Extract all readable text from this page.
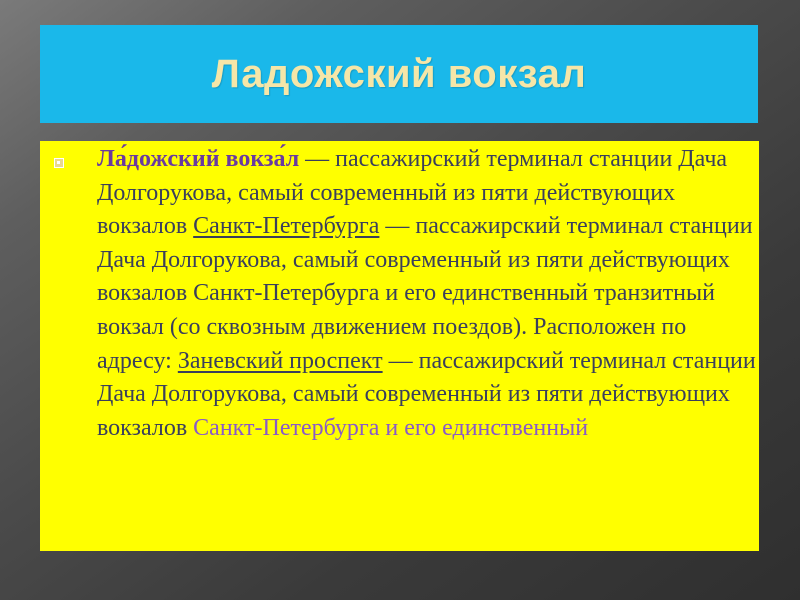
Ладожский вокзал

Ла́дожский вокза́л — пассажирский терминал станции Дача Долгорукова, самый современный из пяти действующих вокзалов Санкт-Петербурга — пассажирский терминал станции Дача Долгорукова, самый современный из пяти действующих вокзалов Санкт-Петербурга и его единственный транзитный вокзал (со сквозным движением поездов). Расположен по адресу: Заневский проспект — пассажирский терминал станции Дача Долгорукова, самый современный из пяти действующих вокзалов Санкт-Петербурга и его единственный
